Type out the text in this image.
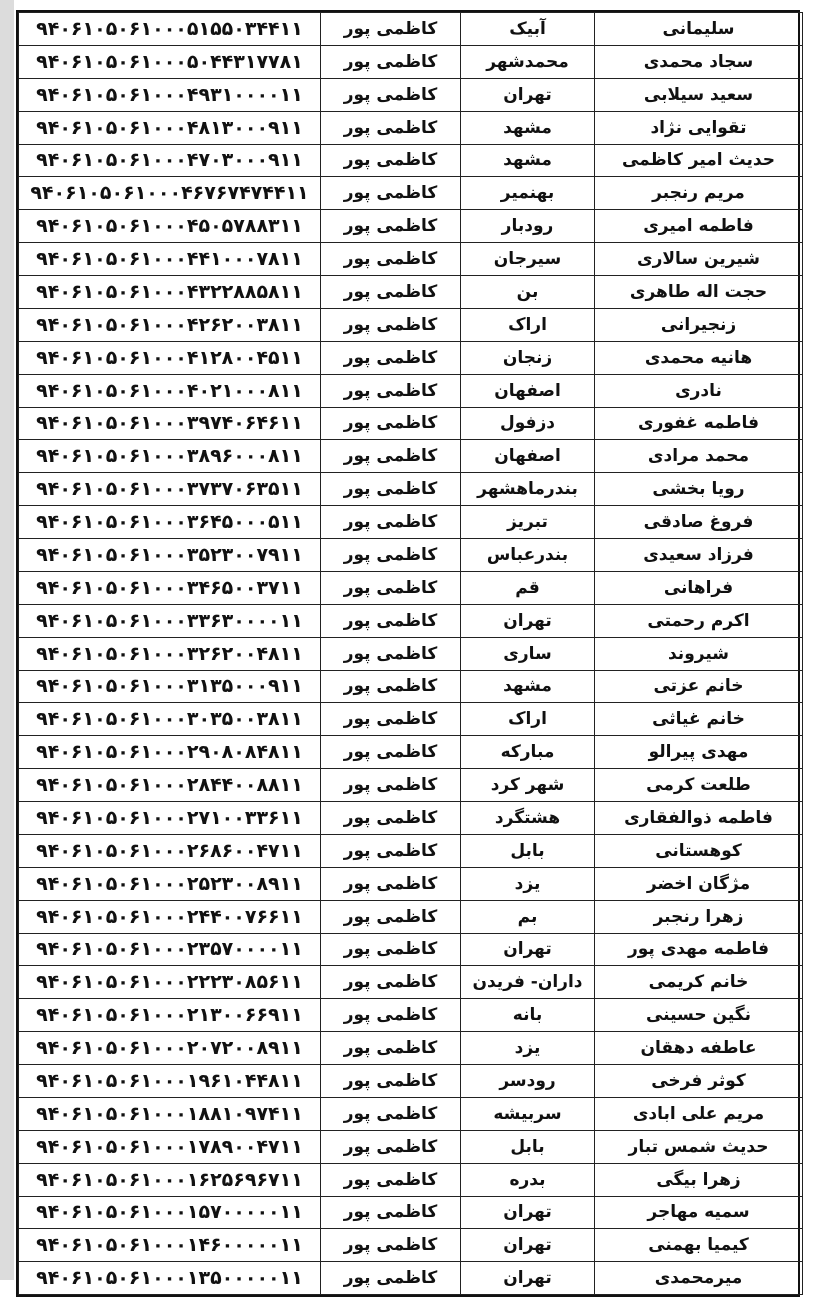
سلیمانی	آبیک	کاظمی پور	۹۴۰۶۱۰۵۰۶۱۰۰۰۵۱۵۵۰۳۴۴۱۱
سجاد محمدی	محمدشهر	کاظمی پور	۹۴۰۶۱۰۵۰۶۱۰۰۰۵۰۴۴۳۱۷۷۸۱
سعید سیلابی	تهران	کاظمی پور	۹۴۰۶۱۰۵۰۶۱۰۰۰۴۹۳۱۰۰۰۰۱۱
تقوایی نژاد	مشهد	کاظمی پور	۹۴۰۶۱۰۵۰۶۱۰۰۰۴۸۱۳۰۰۰۹۱۱
حدیث امیر کاظمی	مشهد	کاظمی پور	۹۴۰۶۱۰۵۰۶۱۰۰۰۴۷۰۳۰۰۰۹۱۱
مریم رنجبر	بهنمیر	کاظمی پور	۹۴۰۶۱۰۵۰۶۱۰۰۰۴۶۷۶۷۴۷۴۴۱۱
فاطمه امیری	رودبار	کاظمی پور	۹۴۰۶۱۰۵۰۶۱۰۰۰۴۵۰۵۷۸۸۳۱۱
شیرین سالاری	سیرجان	کاظمی پور	۹۴۰۶۱۰۵۰۶۱۰۰۰۴۴۱۰۰۰۷۸۱۱
حجت اله طاهری	بن	کاظمی پور	۹۴۰۶۱۰۵۰۶۱۰۰۰۴۳۲۲۸۸۵۸۱۱
زنجیرانی	اراک	کاظمی پور	۹۴۰۶۱۰۵۰۶۱۰۰۰۴۲۶۲۰۰۳۸۱۱
هانیه محمدی	زنجان	کاظمی پور	۹۴۰۶۱۰۵۰۶۱۰۰۰۴۱۲۸۰۰۴۵۱۱
نادری	اصفهان	کاظمی پور	۹۴۰۶۱۰۵۰۶۱۰۰۰۴۰۲۱۰۰۰۸۱۱
فاطمه غفوری	دزفول	کاظمی پور	۹۴۰۶۱۰۵۰۶۱۰۰۰۳۹۷۴۰۶۴۶۱۱
محمد مرادی	اصفهان	کاظمی پور	۹۴۰۶۱۰۵۰۶۱۰۰۰۳۸۹۶۰۰۰۸۱۱
رویا بخشی	بندرماهشهر	کاظمی پور	۹۴۰۶۱۰۵۰۶۱۰۰۰۳۷۳۷۰۶۳۵۱۱
فروغ صادقی	تبریز	کاظمی پور	۹۴۰۶۱۰۵۰۶۱۰۰۰۳۶۴۵۰۰۰۵۱۱
فرزاد سعیدی	بندرعباس	کاظمی پور	۹۴۰۶۱۰۵۰۶۱۰۰۰۳۵۲۳۰۰۷۹۱۱
فراهانی	قم	کاظمی پور	۹۴۰۶۱۰۵۰۶۱۰۰۰۳۴۶۵۰۰۳۷۱۱
اکرم رحمتی	تهران	کاظمی پور	۹۴۰۶۱۰۵۰۶۱۰۰۰۳۳۶۳۰۰۰۰۱۱
شیروند	ساری	کاظمی پور	۹۴۰۶۱۰۵۰۶۱۰۰۰۳۲۶۲۰۰۴۸۱۱
خانم عزتی	مشهد	کاظمی پور	۹۴۰۶۱۰۵۰۶۱۰۰۰۳۱۳۵۰۰۰۹۱۱
خانم غیاثی	اراک	کاظمی پور	۹۴۰۶۱۰۵۰۶۱۰۰۰۳۰۳۵۰۰۳۸۱۱
مهدی پیرالو	مبارکه	کاظمی پور	۹۴۰۶۱۰۵۰۶۱۰۰۰۲۹۰۸۰۸۴۸۱۱
طلعت کرمی	شهر کرد	کاظمی پور	۹۴۰۶۱۰۵۰۶۱۰۰۰۲۸۴۴۰۰۸۸۱۱
فاطمه ذوالفقاری	هشتگرد	کاظمی پور	۹۴۰۶۱۰۵۰۶۱۰۰۰۲۷۱۰۰۳۳۶۱۱
کوهستانی	بابل	کاظمی پور	۹۴۰۶۱۰۵۰۶۱۰۰۰۲۶۸۶۰۰۴۷۱۱
مژگان اخضر	یزد	کاظمی پور	۹۴۰۶۱۰۵۰۶۱۰۰۰۲۵۲۳۰۰۸۹۱۱
زهرا رنجبر	بم	کاظمی پور	۹۴۰۶۱۰۵۰۶۱۰۰۰۲۴۴۰۰۷۶۶۱۱
فاطمه مهدی پور	تهران	کاظمی پور	۹۴۰۶۱۰۵۰۶۱۰۰۰۲۳۵۷۰۰۰۰۱۱
خانم کریمی	داران- فریدن	کاظمی پور	۹۴۰۶۱۰۵۰۶۱۰۰۰۲۲۲۳۰۸۵۶۱۱
نگین حسینی	بانه	کاظمی پور	۹۴۰۶۱۰۵۰۶۱۰۰۰۲۱۳۰۰۶۶۹۱۱
عاطفه دهقان	یزد	کاظمی پور	۹۴۰۶۱۰۵۰۶۱۰۰۰۲۰۷۲۰۰۸۹۱۱
کوثر فرخی	رودسر	کاظمی پور	۹۴۰۶۱۰۵۰۶۱۰۰۰۱۹۶۱۰۴۴۸۱۱
مریم علی ابادی	سربیشه	کاظمی پور	۹۴۰۶۱۰۵۰۶۱۰۰۰۱۸۸۱۰۹۷۴۱۱
حدیث شمس تبار	بابل	کاظمی پور	۹۴۰۶۱۰۵۰۶۱۰۰۰۱۷۸۹۰۰۴۷۱۱
زهرا بیگی	بدره	کاظمی پور	۹۴۰۶۱۰۵۰۶۱۰۰۰۱۶۲۵۶۹۶۷۱۱
سمیه مهاجر	تهران	کاظمی پور	۹۴۰۶۱۰۵۰۶۱۰۰۰۱۵۷۰۰۰۰۰۱۱
کیمیا بهمنی	تهران	کاظمی پور	۹۴۰۶۱۰۵۰۶۱۰۰۰۱۴۶۰۰۰۰۰۱۱
میرمحمدی	تهران	کاظمی پور	۹۴۰۶۱۰۵۰۶۱۰۰۰۱۳۵۰۰۰۰۰۱۱
